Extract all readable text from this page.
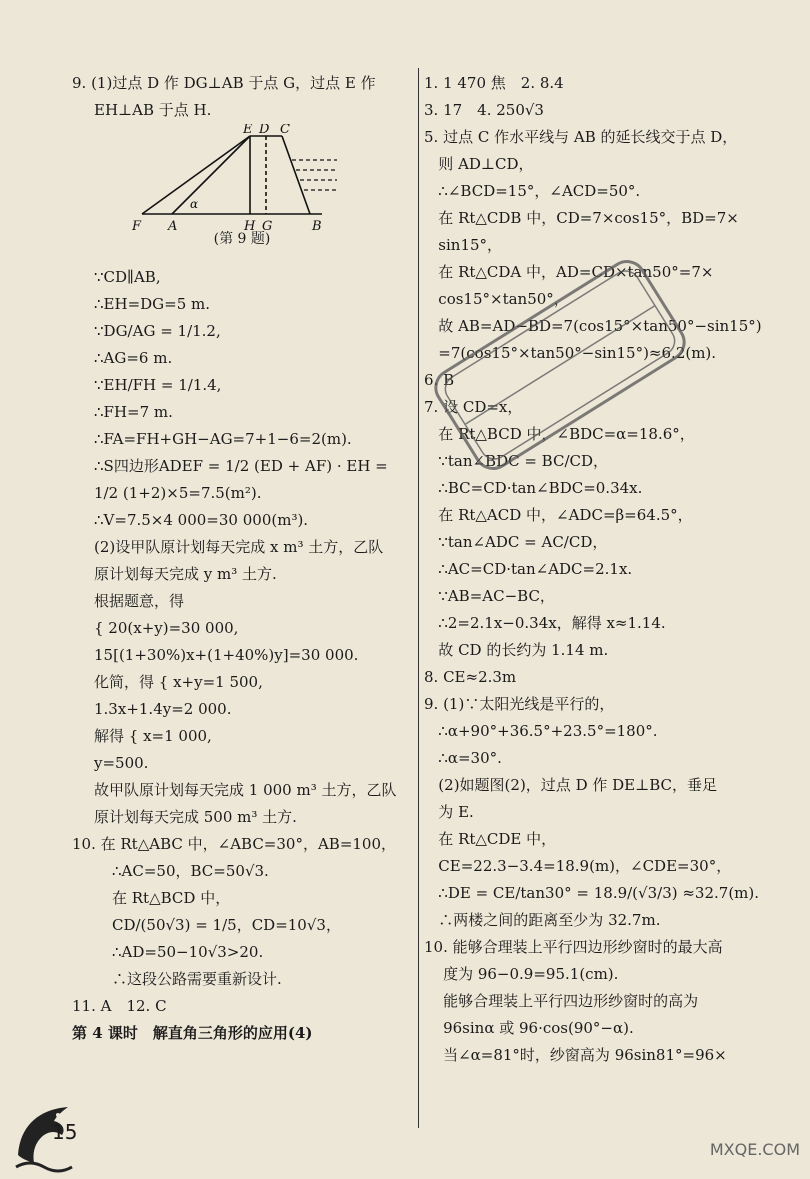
9. (1)过点 D 作 DG⊥AB 于点 G，过点 E 作
EH⊥AB 于点 H.
E D C
F A	H G	B
α
(第 9 题)
∵CD∥AB,
∴EH=DG=5 m.
∵DG/AG = 1/1.2,
∴AG=6 m.
∵EH/FH = 1/1.4,
∴FH=7 m.
∴FA=FH+GH−AG=7+1−6=2(m).
∴S四边形ADEF = 1/2 (ED + AF) · EH =
1/2 (1+2)×5=7.5(m²).
∴V=7.5×4 000=30 000(m³).
(2)设甲队原计划每天完成 x m³ 土方，乙队
原计划每天完成 y m³ 土方.
根据题意，得
{ 20(x+y)=30 000,
15[(1+30%)x+(1+40%)y]=30 000.
化简，得 { x+y=1 500,
1.3x+1.4y=2 000.
解得 { x=1 000,
y=500.
故甲队原计划每天完成 1 000 m³ 土方，乙队
原计划每天完成 500 m³ 土方.
10. 在 Rt△ABC 中，∠ABC=30°，AB=100，
∴AC=50，BC=50√3.
在 Rt△BCD 中，
CD/(50√3) = 1/5，CD=10√3，
∴AD=50−10√3>20.
∴这段公路需要重新设计.
11. A　12. C
第 4 课时　解直角三角形的应用(4)
1. 1 470 焦　2. 8.4
3. 17　4. 250√3
5. 过点 C 作水平线与 AB 的延长线交于点 D，
则 AD⊥CD，
∴∠BCD=15°，∠ACD=50°.
在 Rt△CDB 中，CD=7×cos15°，BD=7×
sin15°，
在 Rt△CDA 中，AD=CD×tan50°=7×
cos15°×tan50°，
故 AB=AD−BD=7(cos15°×tan50°−sin15°)
=7(cos15°×tan50°−sin15°)≈6.2(m).
6. B
7. 设 CD=x，
在 Rt△BCD 中，∠BDC=α=18.6°，
∵tan∠BDC = BC/CD，
∴BC=CD·tan∠BDC=0.34x.
在 Rt△ACD 中，∠ADC=β=64.5°，
∵tan∠ADC = AC/CD，
∴AC=CD·tan∠ADC=2.1x.
∵AB=AC−BC，
∴2=2.1x−0.34x，解得 x≈1.14.
故 CD 的长约为 1.14 m.
8. CE≈2.3m
9. (1)∵太阳光线是平行的，
∴α+90°+36.5°+23.5°=180°.
∴α=30°.
(2)如题图(2)，过点 D 作 DE⊥BC，垂足
为 E.
在 Rt△CDE 中，
CE=22.3−3.4=18.9(m)，∠CDE=30°，
∴DE = CE/tan30° = 18.9/(√3/3) ≈32.7(m).
∴两楼之间的距离至少为 32.7m.
10. 能够合理装上平行四边形纱窗时的最大高
度为 96−0.9=95.1(cm).
能够合理装上平行四边形纱窗时的高为
96sinα 或 96·cos(90°−α).
当∠α=81°时，纱窗高为 96sin81°=96×
15
MXQE.COM
